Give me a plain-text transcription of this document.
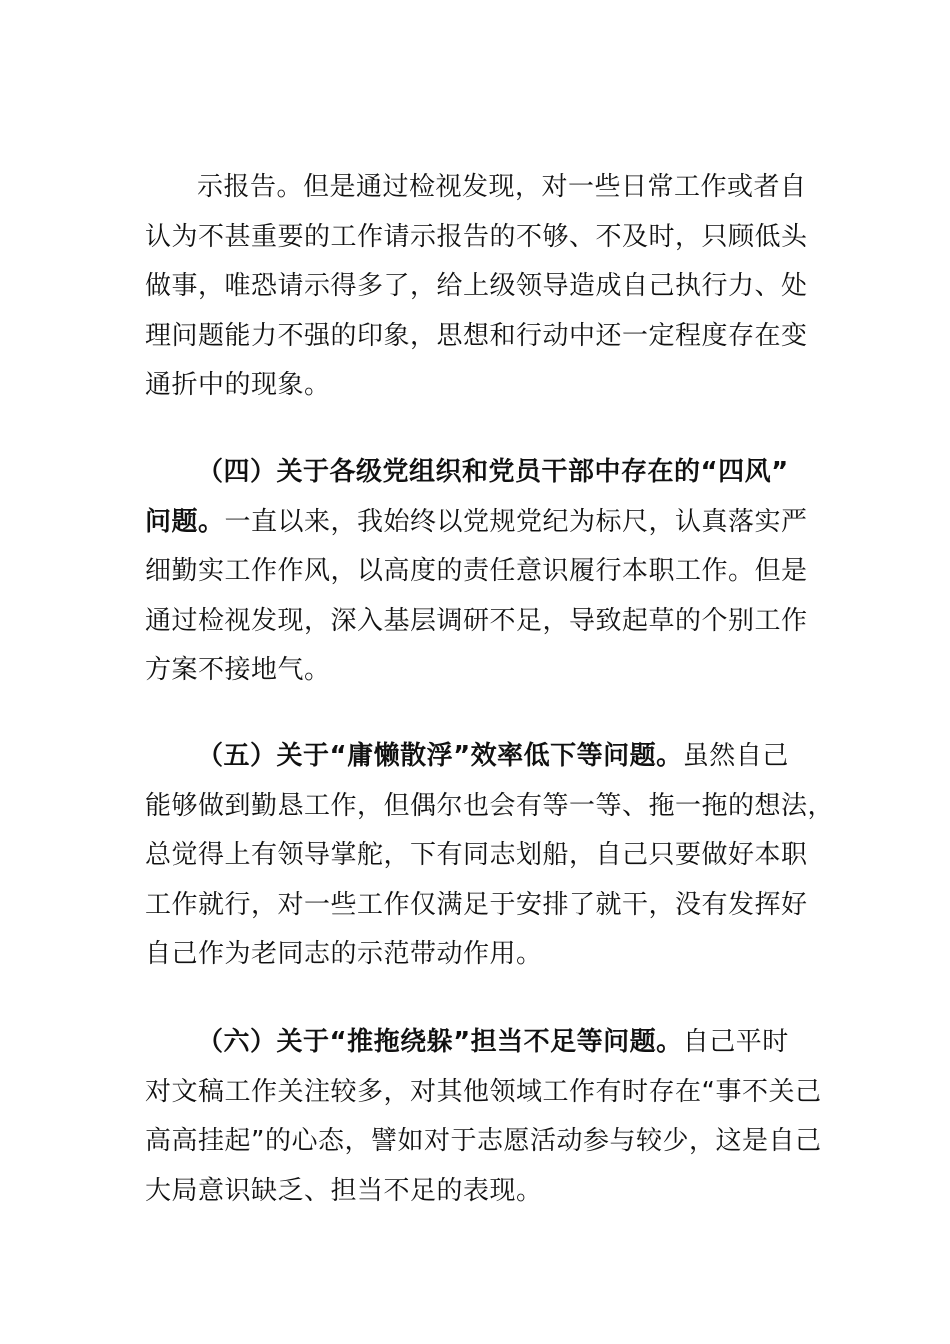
示报告。但是通过检视发现，对一些日常工作或者自
认为不甚重要的工作请示报告的不够、不及时，只顾低头
做事，唯恐请示得多了，给上级领导造成自己执行力、处
理问题能力不强的印象，思想和行动中还一定程度存在变
通折中的现象。
（四）关于各级党组织和党员干部中存在的“四风”
问题。一直以来，我始终以党规党纪为标尺，认真落实严
细勤实工作作风，以高度的责任意识履行本职工作。但是
通过检视发现，深入基层调研不足，导致起草的个别工作
方案不接地气。
（五）关于“庸懒散浮”效率低下等问题。虽然自己
能够做到勤恳工作，但偶尔也会有等一等、拖一拖的想法，
总觉得上有领导掌舵，下有同志划船，自己只要做好本职
工作就行，对一些工作仅满足于安排了就干，没有发挥好
自己作为老同志的示范带动作用。
（六）关于“推拖绕躲”担当不足等问题。自己平时
对文稿工作关注较多，对其他领域工作有时存在“事不关己
高高挂起”的心态，譬如对于志愿活动参与较少，这是自己
大局意识缺乏、担当不足的表现。
